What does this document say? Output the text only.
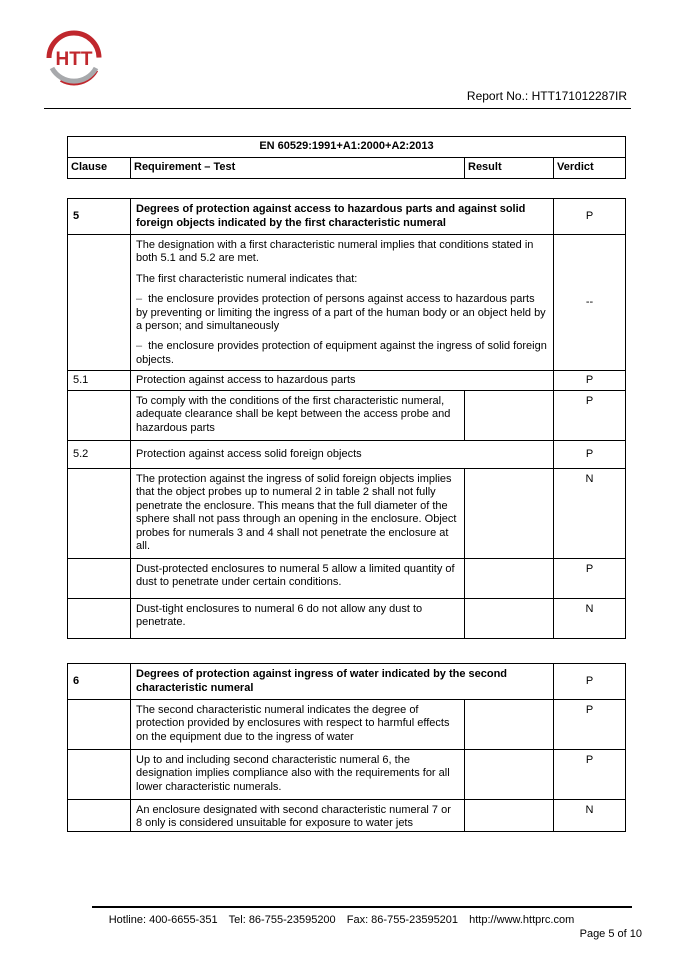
HTT
Report No.: HTT171012287IR
EN 60529:1991+A1:2000+A2:2013
Clause	Requirement – Test	Result	Verdict
5	Degrees of protection against access to hazardous parts and against solid foreign objects indicated by the first characteristic numeral		P

	The designation with a first characteristic numeral implies that conditions stated in both 5.1 and 5.2 are met.

The first characteristic numeral indicates that:

– the enclosure provides protection of persons against access to hazardous parts by preventing or limiting the ingress of a part of the human body or an object held by a person; and simultaneously

– the enclosure provides protection of equipment against the ingress of solid foreign objects.		--
5.1	Protection against access to hazardous parts		P
	To comply with the conditions of the first characteristic numeral, adequate clearance shall be kept between the access probe and hazardous parts		P
5.2	Protection against access solid foreign objects		P
	The protection against the ingress of solid foreign objects implies that the object probes up to numeral 2 in table 2 shall not fully penetrate the enclosure. This means that the full diameter of the sphere shall not pass through an opening in the enclosure. Object probes for numerals 3 and 4 shall not penetrate the enclosure at all.		N
	Dust-protected enclosures to numeral 5 allow a limited quantity of dust to penetrate under certain conditions.		P
	Dust-tight enclosures to numeral 6 do not allow any dust to penetrate.		N
6	Degrees of protection against ingress of water indicated by the second characteristic numeral		P
	The second characteristic numeral indicates the degree of protection provided by enclosures with respect to harmful effects on the equipment due to the ingress of water		P
	Up to and including second characteristic numeral 6, the designation implies compliance also with the requirements for all lower characteristic numerals.		P
	An enclosure designated with second characteristic numeral 7 or 8 only is considered unsuitable for exposure to water jets		N
Hotline: 400-6655-351 Tel: 86-755-23595200 Fax: 86-755-23595201 http://www.httprc.com
Page 5 of 10
